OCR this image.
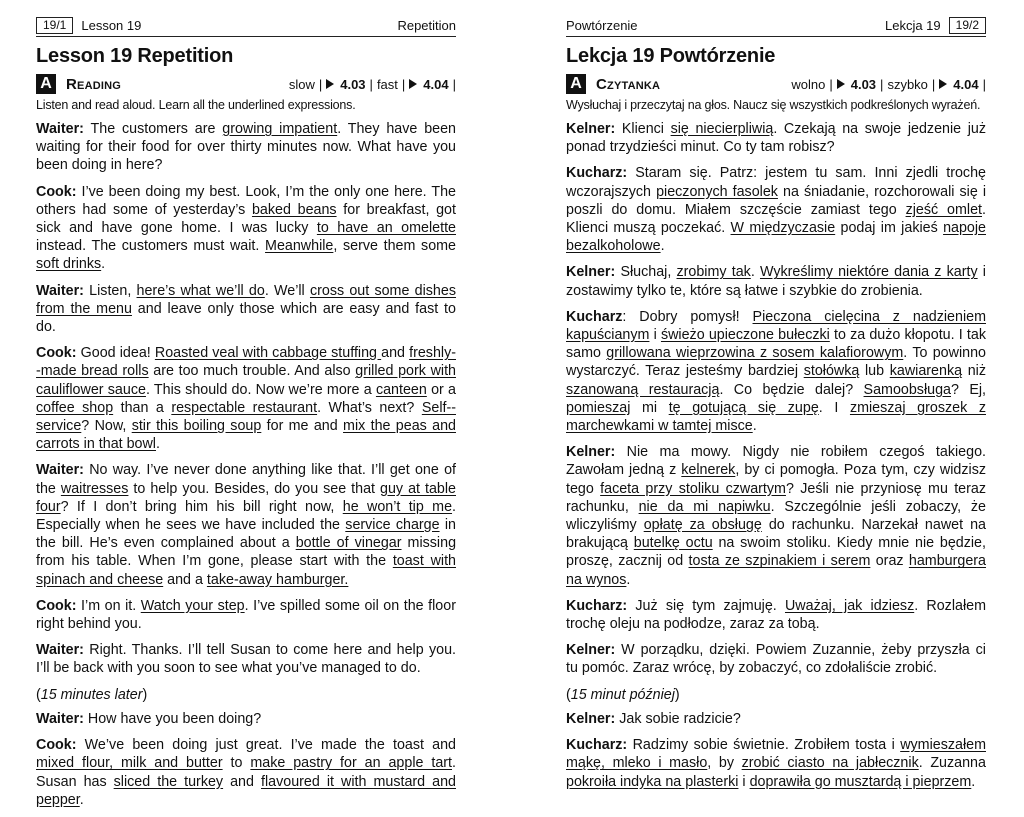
19/1	Lesson 19	Repetition
Lesson 19 Repetition
A Reading	slow | 4.03 | fast | 4.04 |

Listen and read aloud. Learn all the underlined expressions.

Waiter: The customers are growing impatient. They have been waiting for their food for over thirty minutes now. What have you been doing in here?

Cook: I’ve been doing my best. Look, I’m the only one here. The others had some of yesterday’s baked beans for breakfast, got sick and have gone home. I was lucky to have an omelette instead. The customers must wait. Meanwhile, serve them some soft drinks.

Waiter: Listen, here’s what we’ll do. We’ll cross out some dishes from the menu and leave only those which are easy and fast to do.

Cook: Good idea! Roasted veal with cabbage stuffing and freshly--made bread rolls are too much trouble. And also grilled pork with cauliflower sauce. This should do. Now we’re more a canteen or a coffee shop than a respectable restaurant. What’s next? Self--service? Now, stir this boiling soup for me and mix the peas and carrots in that bowl.

Waiter: No way. I’ve never done anything like that. I’ll get one of the waitresses to help you. Besides, do you see that guy at table four? If I don’t bring him his bill right now, he won’t tip me. Especially when he sees we have included the service charge in the bill. He’s even complained about a bottle of vinegar missing from his table. When I’m gone, please start with the toast with spinach and cheese and a take-away hamburger.

Cook: I’m on it. Watch your step. I’ve spilled some oil on the floor right behind you.

Waiter: Right. Thanks. I’ll tell Susan to come here and help you. I’ll be back with you soon to see what you’ve managed to do.

(15 minutes later)

Waiter: How have you been doing?

Cook: We’ve been doing just great. I’ve made the toast and mixed flour, milk and butter to make pastry for an apple tart. Susan has sliced the turkey and flavoured it with mustard and pepper.

Powtórzenie	Lekcja 19	19/2
Lekcja 19 Powtórzenie
A Czytanka	wolno | 4.03 | szybko | 4.04 |

Wysłuchaj i przeczytaj na głos. Naucz się wszystkich podkreślonych wyrażeń.

Kelner: Klienci się niecierpliwią. Czekają na swoje jedzenie już ponad trzydzieści minut. Co ty tam robisz?

Kucharz: Staram się. Patrz: jestem tu sam. Inni zjedli trochę wczorajszych pieczonych fasolek na śniadanie, rozchorowali się i poszli do domu. Miałem szczęście zamiast tego zjeść omlet. Klienci muszą poczekać. W międzyczasie podaj im jakieś napoje bezalkoholowe.

Kelner: Słuchaj, zrobimy tak. Wykreślimy niektóre dania z karty i zostawimy tylko te, które są łatwe i szybkie do zrobienia.

Kucharz: Dobry pomysł! Pieczona cielęcina z nadzieniem kapuścianym i świeżo upieczone bułeczki to za dużo kłopotu. I tak samo grillowana wieprzowina z sosem kalafiorowym. To powinno wystarczyć. Teraz jesteśmy bardziej stołówką lub kawiarenką niż szanowaną restauracją. Co będzie dalej? Samoobsługa? Ej, pomieszaj mi tę gotującą się zupę. I zmieszaj groszek z marchewkami w tamtej misce.

Kelner: Nie ma mowy. Nigdy nie robiłem czegoś takiego. Zawołam jedną z kelnerek, by ci pomogła. Poza tym, czy widzisz tego faceta przy stoliku czwartym? Jeśli nie przyniosę mu teraz rachunku, nie da mi napiwku. Szczególnie jeśli zobaczy, że wliczyliśmy opłatę za obsługę do rachunku. Narzekał nawet na brakującą butelkę octu na swoim stoliku. Kiedy mnie nie będzie, proszę, zacznij od tosta ze szpinakiem i serem oraz hamburgera na wynos.

Kucharz: Już się tym zajmuję. Uważaj, jak idziesz. Rozlałem trochę oleju na podłodze, zaraz za tobą.

Kelner: W porządku, dzięki. Powiem Zuzannie, żeby przyszła ci tu pomóc. Zaraz wrócę, by zobaczyć, co zdołaliście zrobić.

(15 minut później)

Kelner: Jak sobie radzicie?

Kucharz: Radzimy sobie świetnie. Zrobiłem tosta i wymieszałem mąkę, mleko i masło, by zrobić ciasto na jabłecznik. Zuzanna pokroiła indyka na plasterki i doprawiła go musztardą i pieprzem.
